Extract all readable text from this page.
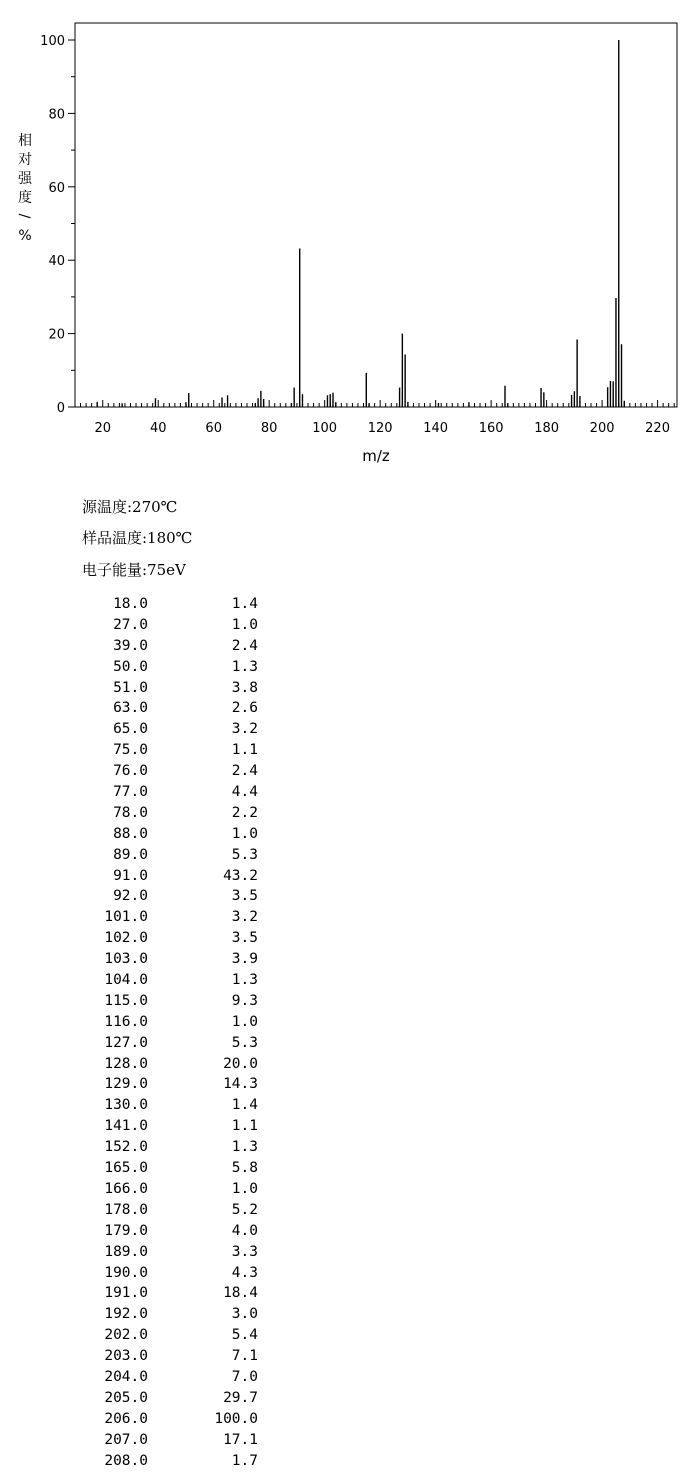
0
20
40
60
80
100
20	40	60	80	100 120 140 160 180 200 220
m/z
相
对
强
度
/
%
源温度:270℃
样品温度:180℃
电子能量:75eV
18.0	1.4
27.0	1.0
39.0	2.4
50.0	1.3
51.0	3.8
63.0	2.6
65.0	3.2
75.0	1.1
76.0	2.4
77.0	4.4
78.0	2.2
88.0	1.0
89.0	5.3
91.0	43.2
92.0	3.5
101.0	3.2
102.0	3.5
103.0	3.9
104.0	1.3
115.0	9.3
116.0	1.0
127.0	5.3
128.0	20.0
129.0	14.3
130.0	1.4
141.0	1.1
152.0	1.3
165.0	5.8
166.0	1.0
178.0	5.2
179.0	4.0
189.0	3.3
190.0	4.3
191.0	18.4
192.0	3.0
202.0	5.4
203.0	7.1
204.0	7.0
205.0	29.7
206.0	100.0
207.0	17.1
208.0	1.7
